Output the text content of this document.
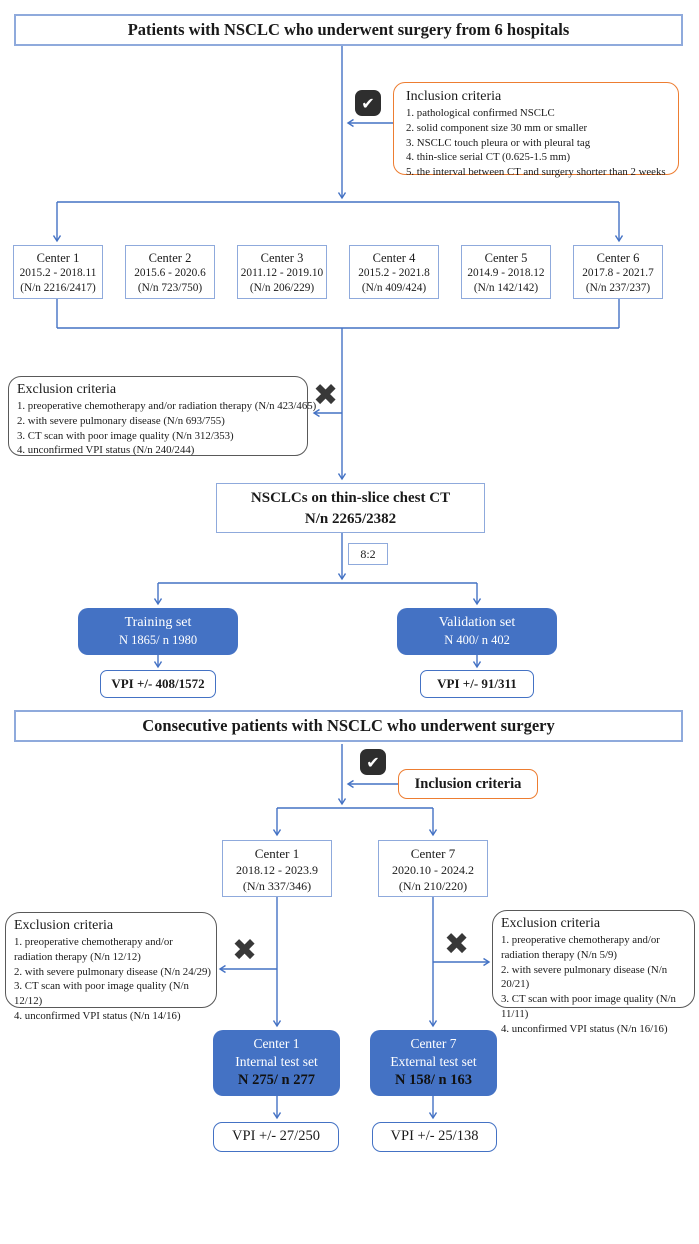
Patients with NSCLC who underwent surgery from 6 hospitals
✔ Inclusion criteria
1. pathological confirmed NSCLC
2. solid component size 30 mm or smaller
3. NSCLC touch pleura or with pleural tag
4. thin-slice serial CT (0.625-1.5 mm)
5. the interval between CT and surgery shorter than 2 weeks
Center 1
2015.2 - 2018.11
(N/n 2216/2417)
Center 2
2015.6 - 2020.6
(N/n 723/750)
Center 3
2011.12 - 2019.10
(N/n 206/229)
Center 4
2015.2 - 2021.8
(N/n 409/424)
Center 5
2014.9 - 2018.12
(N/n 142/142)
Center 6
2017.8 - 2021.7
(N/n 237/237)
Exclusion criteria
1. preoperative chemotherapy and/or radiation therapy (N/n 423/465)
2. with severe pulmonary disease (N/n 693/755)
3. CT scan with poor image quality (N/n 312/353)
4. unconfirmed VPI status (N/n 240/244)
✖
NSCLCs on thin-slice chest CT
N/n 2265/2382
8:2
Training set
N 1865/ n 1980
Validation set
N 400/ n 402
VPI +/- 408/1572	VPI +/- 91/311
Consecutive patients with NSCLC who underwent surgery
✔
Inclusion criteria
Center 1
2018.12 - 2023.9
(N/n 337/346)
Center 7
2020.10 - 2024.2
(N/n 210/220)
Exclusion criteria
1. preoperative chemotherapy and/or radiation therapy (N/n 12/12)
2. with severe pulmonary disease (N/n 24/29)
3. CT scan with poor image quality (N/n 12/12)
4. unconfirmed VPI status (N/n 14/16)
✖
Exclusion criteria
1. preoperative chemotherapy and/or radiation therapy (N/n 5/9)
2. with severe pulmonary disease (N/n 20/21)
3. CT scan with poor image quality (N/n 11/11)
4. unconfirmed VPI status (N/n 16/16)
✖
Center 1
Internal test set
N 275/ n 277
Center 7
External test set
N 158/ n 163
VPI +/- 27/250	VPI +/- 25/138
